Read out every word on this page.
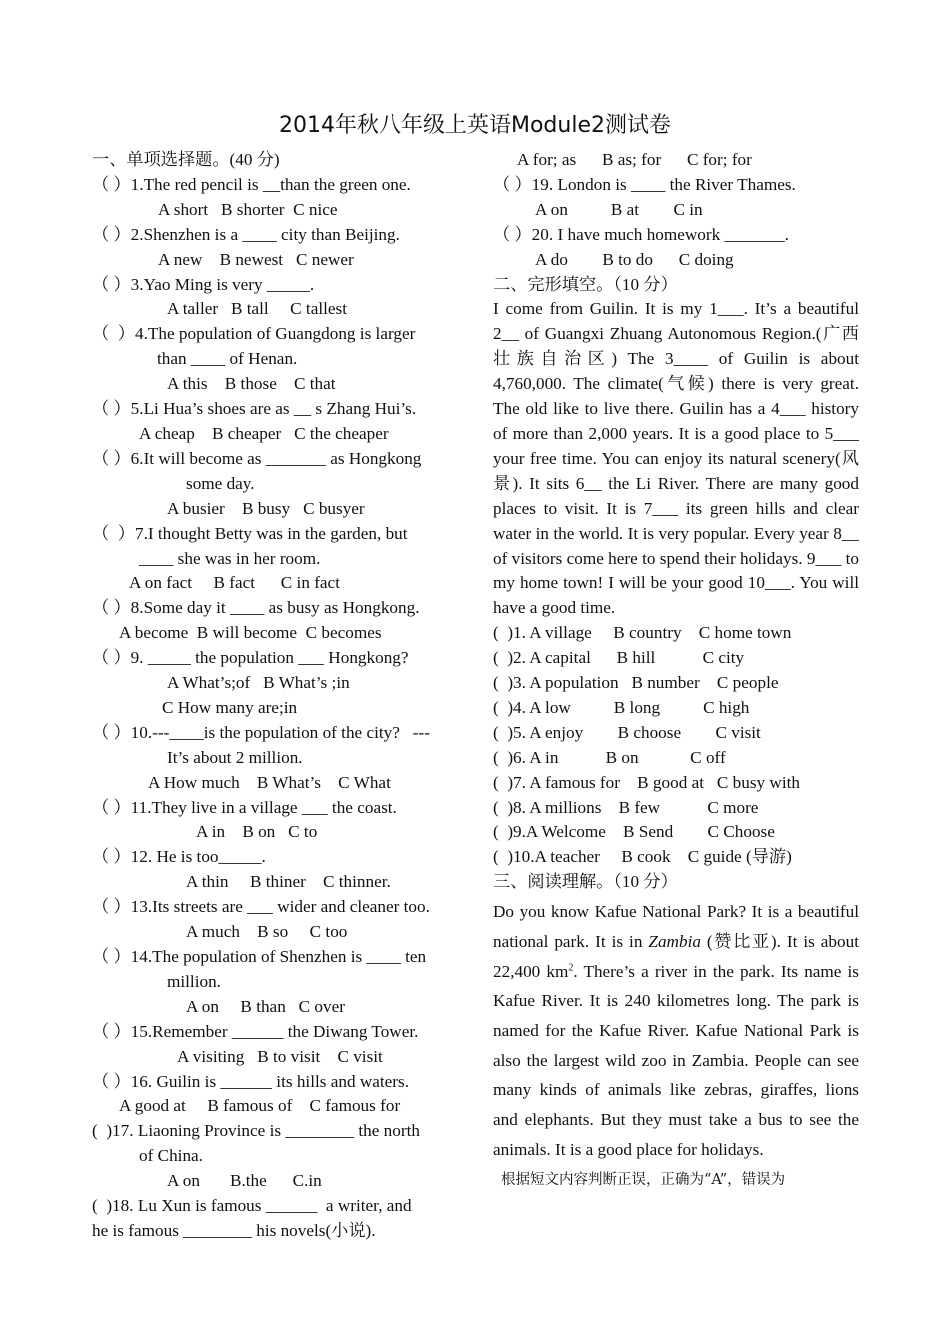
2014年秋八年级上英语Module2测试卷
一、单项选择题。(40 分)
（ ）1.The red pencil is __than the green one.
A short   B shorter  C nice
（ ）2.Shenzhen is a ____ city than Beijing.
A new    B newest   C newer
（ ）3.Yao Ming is very _____.
A taller   B tall     C tallest
（  ）4.The population of Guangdong is larger
than ____ of Henan.
A this    B those    C that
（ ）5.Li Hua’s shoes are as __ s Zhang Hui’s.
A cheap    B cheaper   C the cheaper
（ ）6.It will become as _______ as Hongkong
some day.
A busier    B busy   C busyer
（  ）7.I thought Betty was in the garden, but
____ she was in her room.
A on fact     B fact      C in fact
（ ）8.Some day it ____ as busy as Hongkong.
A become  B will become  C becomes
（ ）9. _____ the population ___ Hongkong?
A What’s;of   B What’s ;in
C How many are;in
（ ）10.---____is the population of the city?   ---
It’s about 2 million.
A How much    B What’s    C What
（ ）11.They live in a village ___ the coast.
A in    B on   C to
（ ）12. He is too_____.
A thin     B thiner    C thinner.
（ ）13.Its streets are ___ wider and cleaner too.
A much    B so     C too
（ ）14.The population of Shenzhen is ____ ten
million.
A on     B than   C over
（ ）15.Remember ______ the Diwang Tower.
A visiting   B to visit    C visit
（ ）16. Guilin is ______ its hills and waters.
A good at     B famous of    C famous for
(  )17. Liaoning Province is ________ the north
of China.
A on       B.the      C.in
(  )18. Lu Xun is famous ______  a writer, and
he is famous ________ his novels(小说).
A for; as      B as; for      C for; for
（ ）19. London is ____ the River Thames.
A on          B at        C in
（ ）20. I have much homework _______.
A do        B to do      C doing
二、完形填空。（10 分）
I come from Guilin. It is my 1___. It’s a beautiful 2__ of Guangxi Zhuang Autonomous Region.(广西壮族自治区) The 3____ of Guilin is about 4,760,000. The climate(气候) there is very great. The old like to live there. Guilin has a 4___ history of more than 2,000 years. It is a good place to 5___ your free time. You can enjoy its natural scenery(风景). It sits 6__ the Li River. There are many good places to visit. It is 7___ its green hills and clear water in the world. It is very popular. Every year 8__ of visitors come here to spend their holidays. 9___ to my home town! I will be your good 10___. You will have a good time.
(  )1. A village     B country    C home town
(  )2. A capital      B hill           C city
(  )3. A population   B number    C people
(  )4. A low          B long          C high
(  )5. A enjoy        B choose        C visit
(  )6. A in           B on            C off
(  )7. A famous for    B good at   C busy with
(  )8. A millions    B few           C more
(  )9.A Welcome    B Send        C Choose
(  )10.A teacher     B cook    C guide (导游)
三、阅读理解。（10 分）
Do you know Kafue National Park? It is a beautiful national park. It is in Zambia (赞比亚). It is about 22,400 $km^2$. There’s a river in the park. Its name is Kafue River. It is 240 kilometres long. The park is named for the Kafue River. Kafue National Park is also the largest wild zoo in Zambia. People can see many kinds of animals like zebras, giraffes, lions and elephants. But they must take a bus to see the animals. It is a good place for holidays.
根据短文内容判断正误，正确为“A”，错误为
